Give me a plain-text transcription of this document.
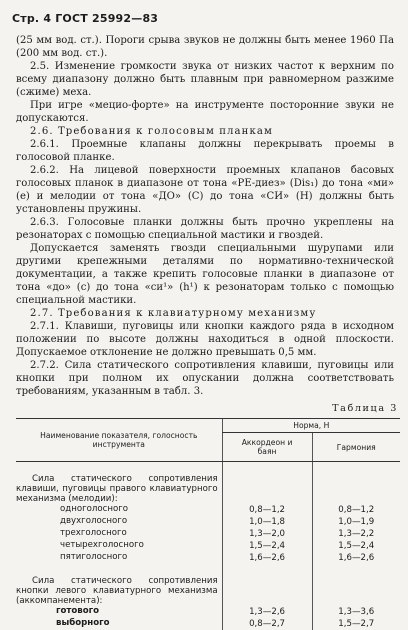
Стр. 4 ГОСТ 25992—83

(25 мм вод. ст.). Пороги срыва звуков не должны быть менее 1960 Па (200 мм вод. ст.).

2.5. Изменение громкости звука от низких частот к верхним по всему диапазону должно быть плавным при равномерном разжиме (сжиме) меха.

При игре «мецио-форте» на инструменте посторонние звуки не допускаются.

2.6. Требования к голосовым планкам

2.6.1. Проемные клапаны должны перекрывать проемы в голосовой планке.

2.6.2. На лицевой поверхности проемных клапанов басовых голосовых планок в диапазоне от тона «РЕ-диез» (Dis₁) до тона «ми» (e) и мелодии от тона «ДО» (С) до тона «СИ» (Н) должны быть установлены пружины.

2.6.3. Голосовые планки должны быть прочно укреплены на резонаторах с помощью специальной мастики и гвоздей.

Допускается заменять гвозди специальными шурупами или другими крепежными деталями по нормативно-технической документации, а также крепить голосовые планки в диапазоне от тона «до» (с) до тона «си¹» (h¹) к резонаторам только с помощью специальной мастики.

2.7. Требования к клавиатурному механизму

2.7.1. Клавиши, пуговицы или кнопки каждого ряда в исходном положении по высоте должны находиться в одной плоскости. Допускаемое отклонение не должно превышать 0,5 мм.

2.7.2. Сила статического сопротивления клавиши, пуговицы или кнопки при полном их опускании должна соответствовать требованиям, указанным в табл. 3.

Таблица 3
Наименование показателя, голосность инструмента	Норма, Н	
	Аккордеон и баян	Гармония

Сила статического сопротивления клавиши, пуговицы правого клавиатурного механизма (мелодии):		
одноголосного	0,8—1,2	0,8—1,2
двухголосного	1,0—1,8	1,0—1,9
трехголосного	1,3—2,0	1,3—2,2
четырехголосного	1,5—2,4	1,5—2,4
пятиголосного	1,6—2,6	1,6—2,6

Сила статического сопротивления кнопки левого клавиатурного механизма (аккомпанемента):		
готового	1,3—2,6	1,3—3,6
выборного	0,8—2,7	1,5—2,7
